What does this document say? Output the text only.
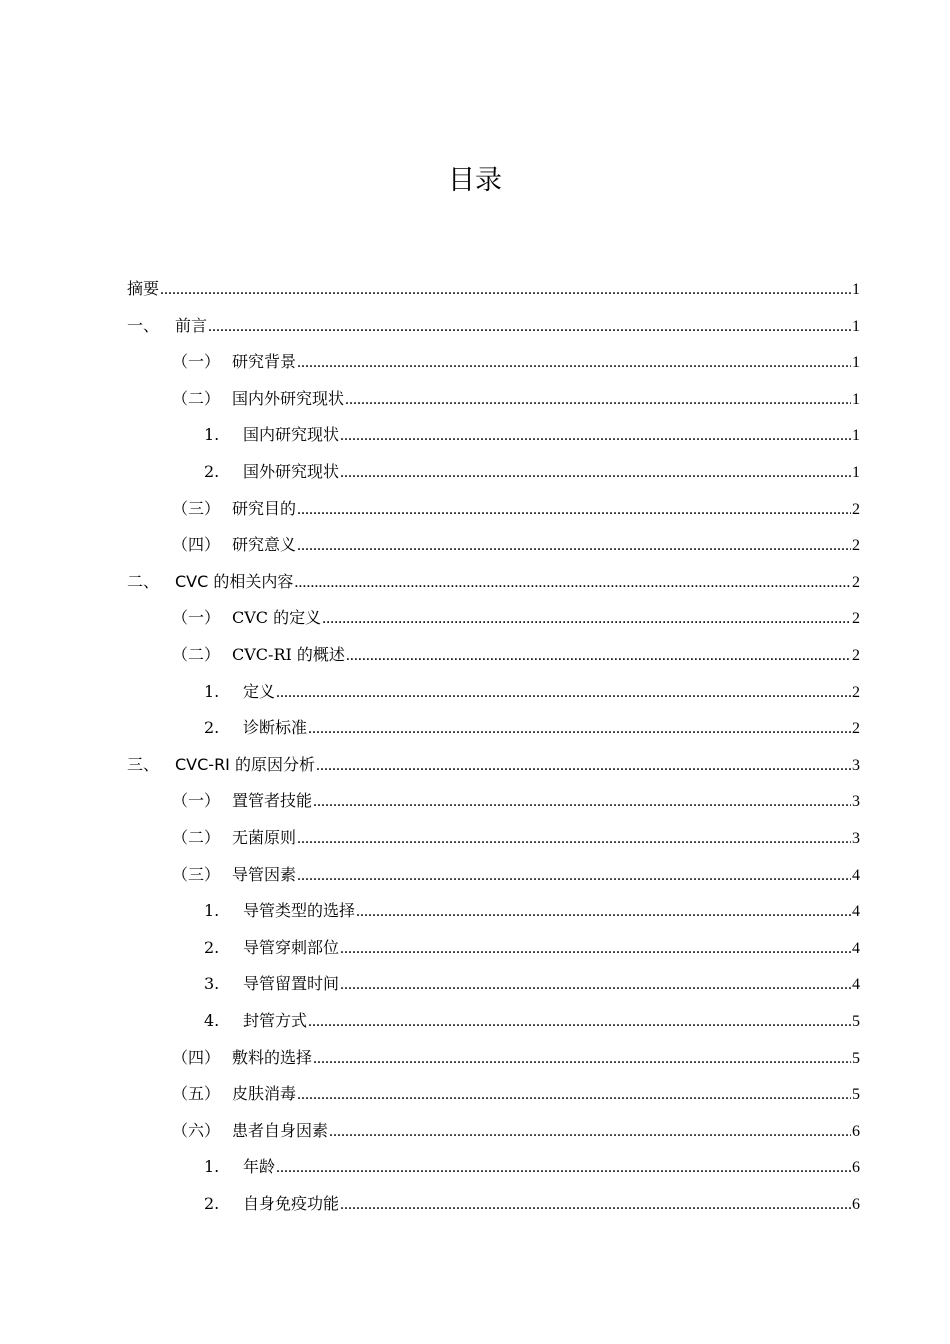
目录
摘要 .....	1
一、 前言 .....	1
（一） 研究背景 .....	1
（二） 国内外研究现状 .....	1
1.	国内研究现状 .....	1
2.	国外研究现状 .....	1
（三） 研究目的 .....	2
（四） 研究意义 .....	2
二、 CVC 的相关内容 .....	2
（一） CVC 的定义 .....	2
（二） CVC-RI 的概述 .....	2
1.	定义 .....	2
2.	诊断标准 .....	2
三、 CVC-RI 的原因分析 .....	3
（一） 置管者技能 .....	3
（二） 无菌原则 .....	3
（三） 导管因素 .....	4
1.	导管类型的选择 .....	4
2.	导管穿刺部位 .....	4
3.	导管留置时间 .....	4
4.	封管方式 .....	5
（四） 敷料的选择 .....	5
（五） 皮肤消毒 .....	5
（六） 患者自身因素 .....	6
1.	年龄 .....	6
2.	自身免疫功能 .....	6
